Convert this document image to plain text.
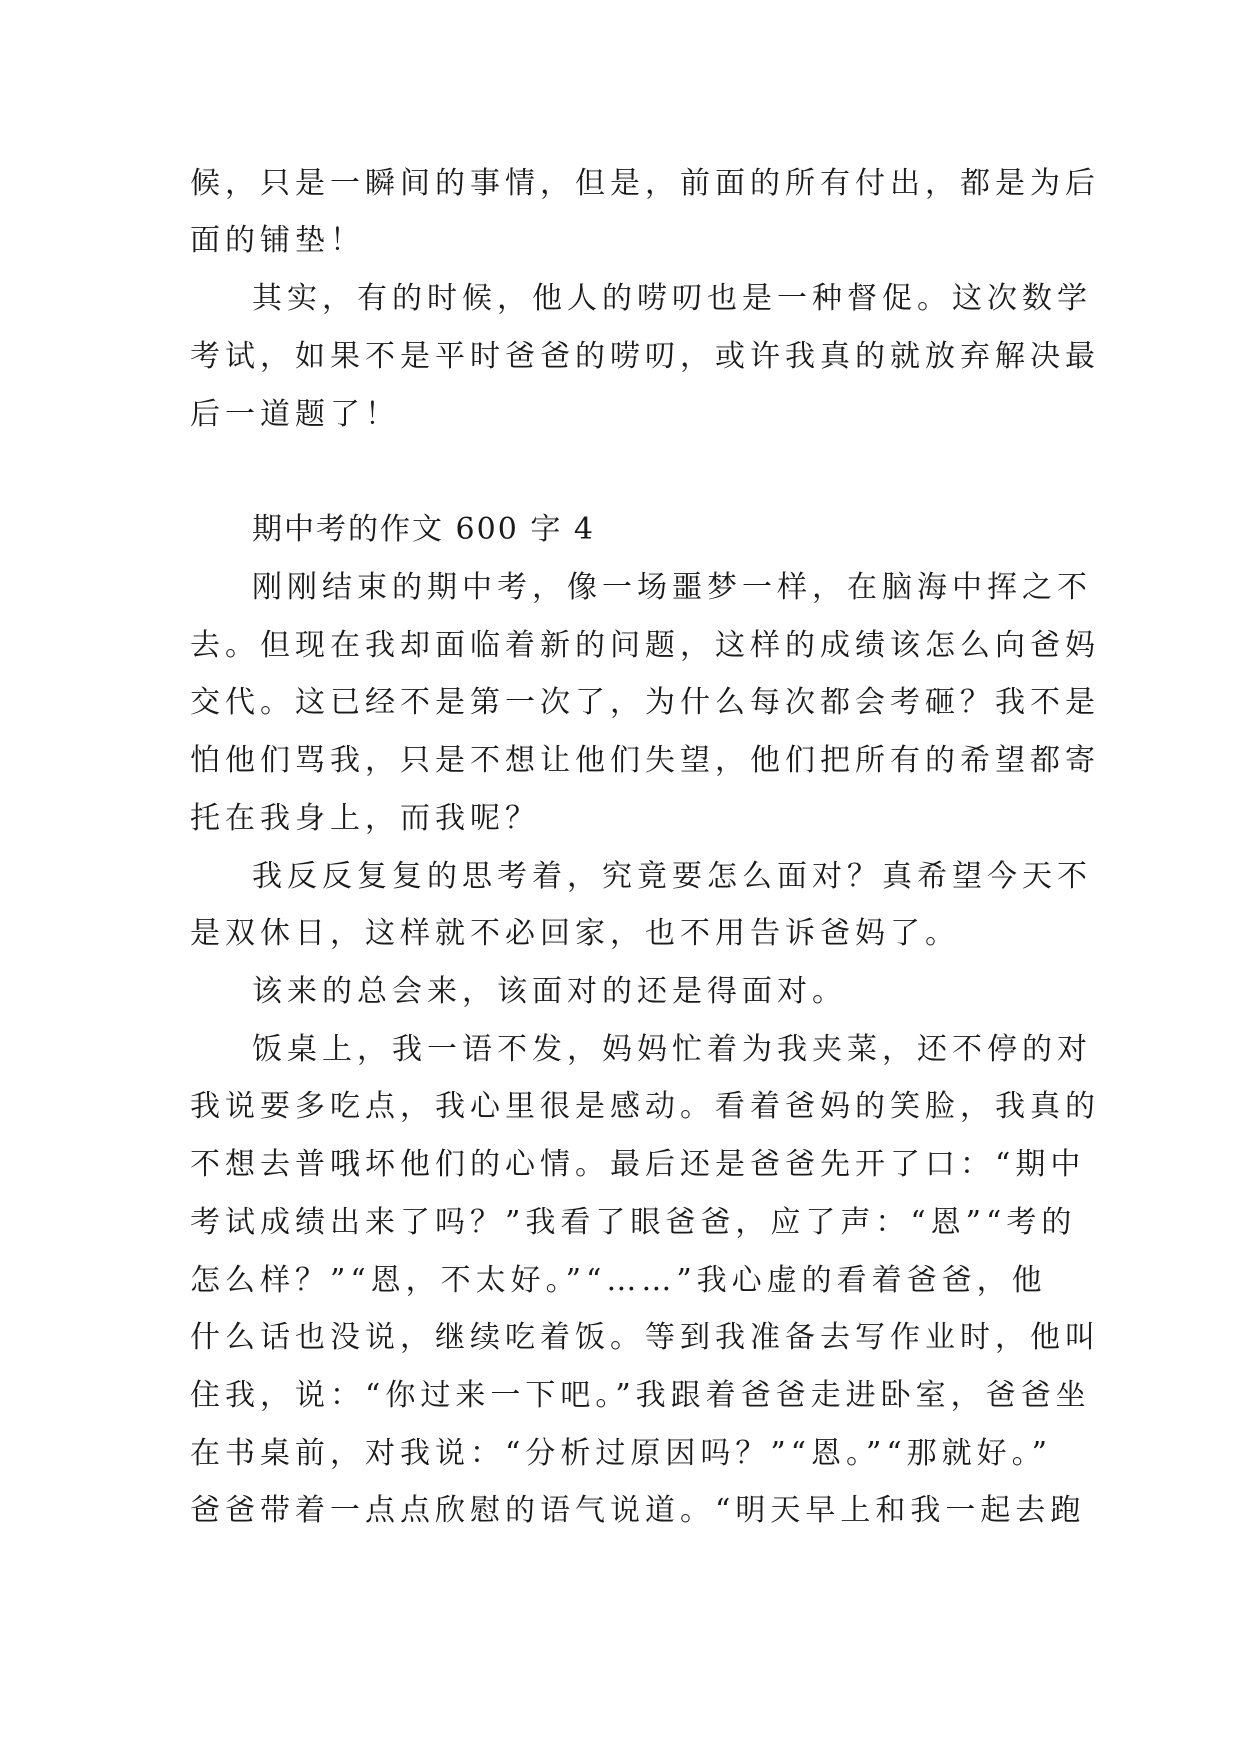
候，只是一瞬间的事情，但是，前面的所有付出，都是为后
面的铺垫！
其实，有的时候，他人的唠叨也是一种督促。这次数学
考试，如果不是平时爸爸的唠叨，或许我真的就放弃解决最
后一道题了！
期中考的作文 600 字 4
刚刚结束的期中考，像一场噩梦一样，在脑海中挥之不
去。但现在我却面临着新的问题，这样的成绩该怎么向爸妈
交代。这已经不是第一次了，为什么每次都会考砸？我不是
怕他们骂我，只是不想让他们失望，他们把所有的希望都寄
托在我身上，而我呢？
我反反复复的思考着，究竟要怎么面对？真希望今天不
是双休日，这样就不必回家，也不用告诉爸妈了。
该来的总会来，该面对的还是得面对。
饭桌上，我一语不发，妈妈忙着为我夹菜，还不停的对
我说要多吃点，我心里很是感动。看着爸妈的笑脸，我真的
不想去普哦坏他们的心情。最后还是爸爸先开了口：“期中
考试成绩出来了吗？”我看了眼爸爸，应了声：“恩”“考的
怎么样？”“恩，不太好。”“……”我心虚的看着爸爸，他
什么话也没说，继续吃着饭。等到我准备去写作业时，他叫
住我，说：“你过来一下吧。”我跟着爸爸走进卧室，爸爸坐
在书桌前，对我说：“分析过原因吗？”“恩。”“那就好。”
爸爸带着一点点欣慰的语气说道。“明天早上和我一起去跑
